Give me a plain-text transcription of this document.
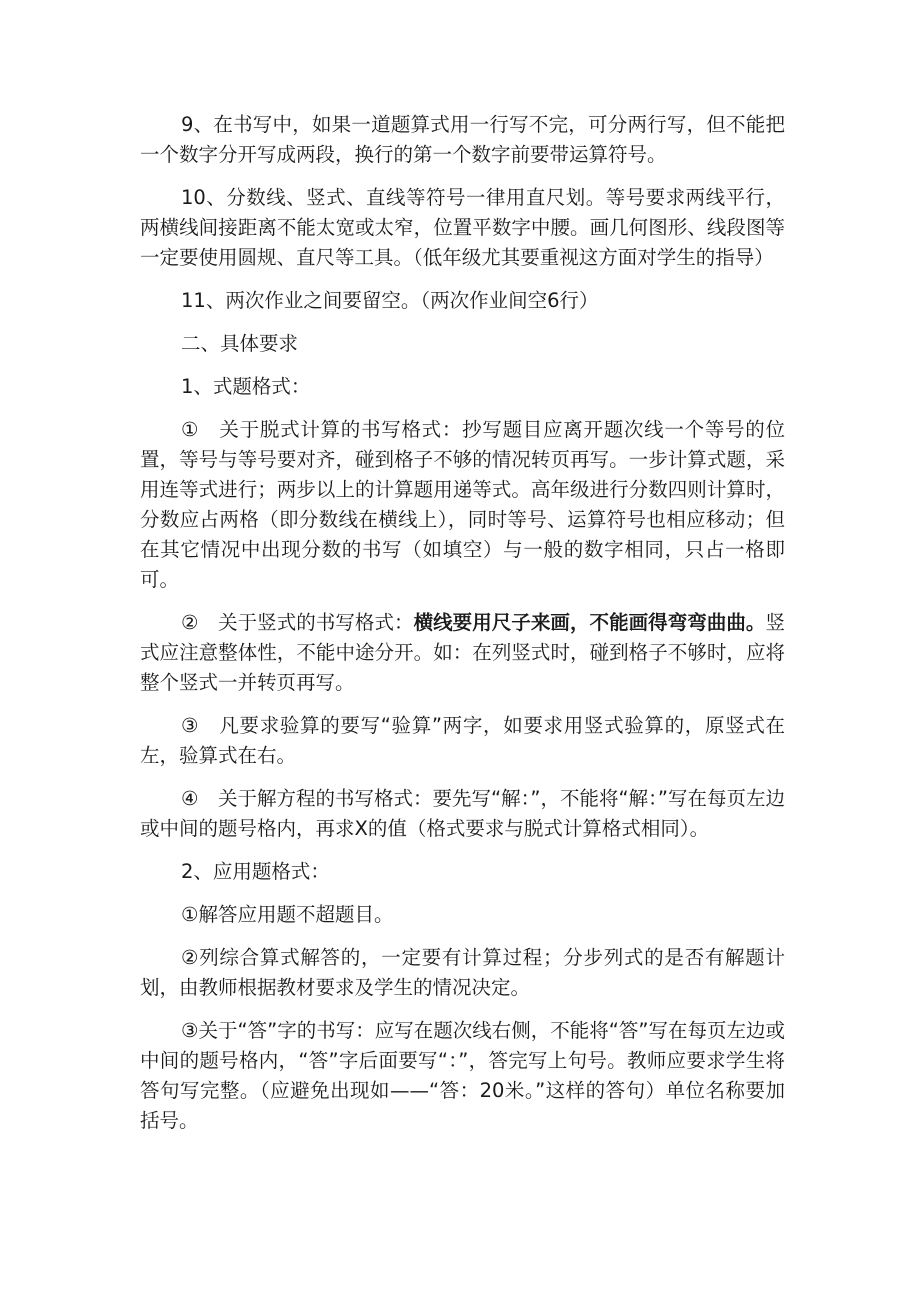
9、在书写中，如果一道题算式用一行写不完，可分两行写，但不能把一个数字分开写成两段，换行的第一个数字前要带运算符号。

10、分数线、竖式、直线等符号一律用直尺划。等号要求两线平行，两横线间接距离不能太宽或太窄，位置平数字中腰。画几何图形、线段图等一定要使用圆规、直尺等工具。（低年级尤其要重视这方面对学生的指导）

11、两次作业之间要留空。（两次作业间空6行）

二、具体要求

1、式题格式：

①　关于脱式计算的书写格式：抄写题目应离开题次线一个等号的位置，等号与等号要对齐，碰到格子不够的情况转页再写。一步计算式题，采用连等式进行；两步以上的计算题用递等式。高年级进行分数四则计算时，分数应占两格（即分数线在横线上），同时等号、运算符号也相应移动；但在其它情况中出现分数的书写（如填空）与一般的数字相同，只占一格即可。

②　关于竖式的书写格式：横线要用尺子来画，不能画得弯弯曲曲。竖式应注意整体性，不能中途分开。如：在列竖式时，碰到格子不够时，应将整个竖式一并转页再写。

③　凡要求验算的要写“验算”两字，如要求用竖式验算的，原竖式在左，验算式在右。

④　关于解方程的书写格式：要先写“解：”，不能将“解：”写在每页左边或中间的题号格内，再求X的值（格式要求与脱式计算格式相同）。

2、应用题格式：

①解答应用题不超题目。

②列综合算式解答的，一定要有计算过程；分步列式的是否有解题计划，由教师根据教材要求及学生的情况决定。

③关于“答”字的书写：应写在题次线右侧，不能将“答”写在每页左边或中间的题号格内，“答”字后面要写“：”，答完写上句号。教师应要求学生将答句写完整。（应避免出现如——“答：20米。”这样的答句）单位名称要加括号。
